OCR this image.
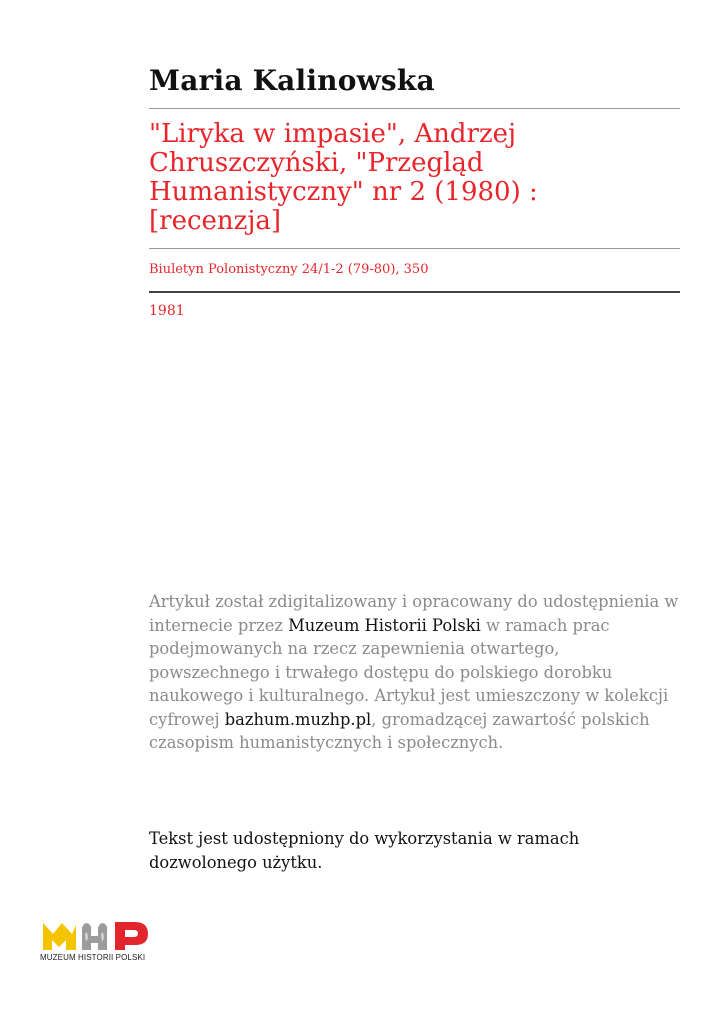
Maria Kalinowska
"Liryka w impasie", Andrzej
Chruszczyński, "Przegląd
Humanistyczny" nr 2 (1980) :
[recenzja]

Biuletyn Polonistyczny 24/1-2 (79-80), 350

1981

Artykuł został zdigitalizowany i opracowany do udostępnienia w internecie przez Muzeum Historii Polski w ramach prac podejmowanych na rzecz zapewnienia otwartego, powszechnego i trwałego dostępu do polskiego dorobku naukowego i kulturalnego. Artykuł jest umieszczony w kolekcji cyfrowej bazhum.muzhp.pl, gromadzącej zawartość polskich czasopism humanistycznych i społecznych.

Tekst jest udostępniony do wykorzystania w ramach dozwolonego użytku.

MUZEUM HISTORII POLSKI
